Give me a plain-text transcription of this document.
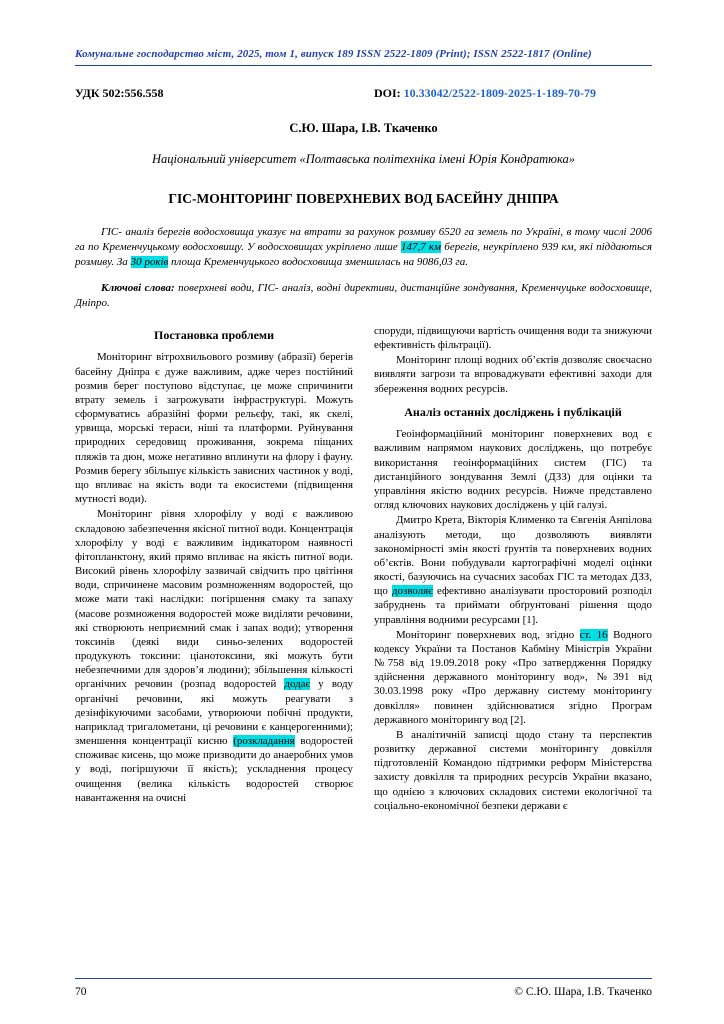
Комунальне господарство міст, 2025, том 1, випуск 189 ISSN 2522-1809 (Print); ISSN 2522-1817 (Online)
УДК 502:556.558	DOI: 10.33042/2522-1809-2025-1-189-70-79
С.Ю. Шара, І.В. Ткаченко
Національний університет «Полтавська політехніка імені Юрія Кондратюка»
ГІС-МОНІТОРИНГ ПОВЕРХНЕВИХ ВОД БАСЕЙНУ ДНІПРА

ГІС- аналіз берегів водосховища указує на втрати за рахунок розмиву 6520 га земель по Україні, в тому числі 2006 га по Кременчуцькому водосховищу. У водосховищах укріплено лише 147,7 км берегів, неукріплено 939 км, які піддаються розмиву. За 30 років площа Кременчуцького водосховища зменшилась на 9086,03 га.

Ключові слова: поверхневі води, ГІС- аналіз, водні директиви, дистанційне зондування, Кременчуцьке водосховище, Дніпро.

Постановка проблеми

Моніторинг вітрохвильового розмиву (абразії) берегів басейну Дніпра є дуже важливим, адже через постійний розмив берег поступово відступає, це може спричинити втрату земель і загрожувати інфраструктурі. Можуть сформуватись абразійні форми рельєфу, такі, як скелі, урвища, морські тераси, ніші та платформи. Руйнування природних середовищ проживання, зокрема піщаних пляжів та дюн, може негативно вплинути на флору і фауну. Розмив берегу збільшує кількість зависних частинок у воді, що впливає на якість води та екосистеми (підвищення мутності води).

Моніторинг рівня хлорофілу у воді є важливою складовою забезпечення якісної питної води. Концентрація хлорофілу у воді є важливим індикатором наявності фітопланктону, який прямо впливає на якість питної води. Високий рівень хлорофілу зазвичай свідчить про цвітіння води, спричинене масовим розмноженням водоростей, що може мати такі наслідки: погіршення смаку та запаху (масове розмноження водоростей може виділяти речовини, які створюють неприємний смак і запах води); утворення токсинів (деякі види синьо-зелених водоростей продукують токсини: ціанотоксини, які можуть бути небезпечними для здоров’я людини); збільшення кількості органічних речовин (розпад водоростей додає у воду органічні речовини, які можуть реагувати з дезінфікуючими засобами, утворюючи побічні продукти, наприклад тригалометани, ці речовини є канцерогенними); зменшення концентрації кисню (розкладання водоростей споживає кисень, що може призводити до анаеробних умов у воді, погіршуючи її якість); ускладнення процесу очищення (велика кількість водоростей створює навантаження на очисні

споруди, підвищуючи вартість очищення води та знижуючи ефективність фільтрації).

Моніторинг площі водних об’єктів дозволяє своєчасно виявляти загрози та впроваджувати ефективні заходи для збереження водних ресурсів.

Аналіз останніх досліджень і публікацій

Геоінформаційний моніторинг поверхневих вод є важливим напрямом наукових досліджень, що потребує використання геоінформаційних систем (ГІС) та дистанційного зондування Землі (ДЗЗ) для оцінки та управління якістю водних ресурсів. Нижче представлено огляд ключових наукових досліджень у цій галузі.

Дмитро Крета, Вікторія Клименко та Євгенія Анпілова аналізують методи, що дозволяють виявляти закономірності змін якості ґрунтів та поверхневих водних об’єктів. Вони побудували картографічні моделі оцінки якості, базуючись на сучасних засобах ГІС та методах ДЗЗ, що дозволяє ефективно аналізувати просторовий розподіл забруднень та приймати обґрунтовані рішення щодо управління водними ресурсами [1].

Моніторинг поверхневих вод, згідно ст. 16 Водного кодексу України та Постанов Кабміну Міністрів України №758 від 19.09.2018 року «Про затвердження Порядку здійснення державного моніторингу вод», №391 від 30.03.1998 року «Про державну систему моніторингу довкілля» повинен здійснюватися згідно Програм державного моніторингу вод [2].

В аналітичній записці щодо стану та перспектив розвитку державної системи моніторингу довкілля підготовленій Командою підтримки реформ Міністерства захисту довкілля та природних ресурсів України вказано, що однією з ключових складових системи екологічної та соціально-економічної безпеки держави є

70	© С.Ю. Шара, І.В. Ткаченко
